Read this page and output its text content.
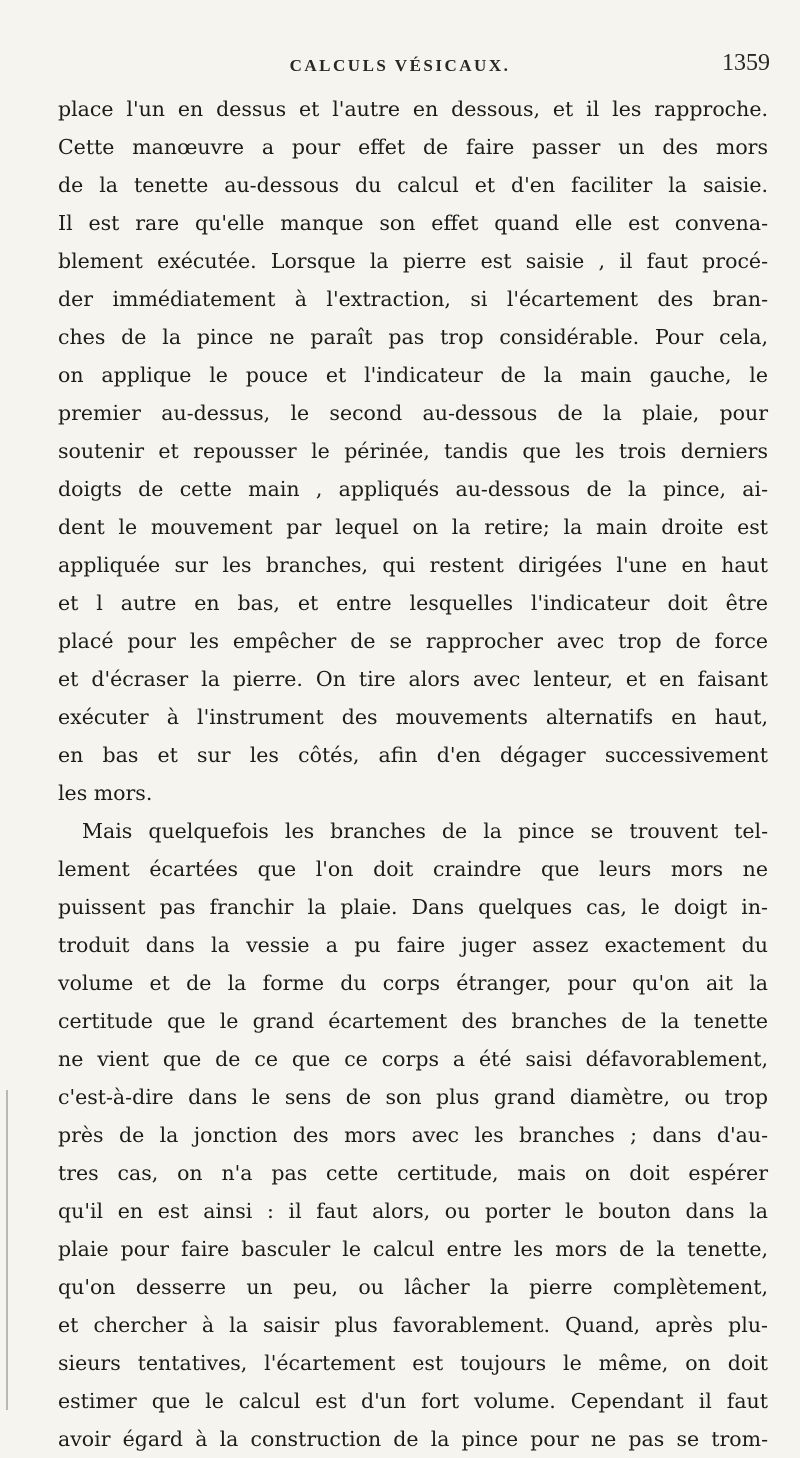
CALCULS VÉSICAUX.	1359
place l'un en dessus et l'autre en dessous, et il les rapproche.
Cette manœuvre a pour effet de faire passer un des mors
de la tenette au-dessous du calcul et d'en faciliter la saisie.
Il est rare qu'elle manque son effet quand elle est convena-
blement exécutée. Lorsque la pierre est saisie , il faut procé-
der immédiatement à l'extraction, si l'écartement des bran-
ches de la pince ne paraît pas trop considérable. Pour cela,
on applique le pouce et l'indicateur de la main gauche, le
premier au-dessus, le second au-dessous de la plaie, pour
soutenir et repousser le périnée, tandis que les trois derniers
doigts de cette main , appliqués au-dessous de la pince, ai-
dent le mouvement par lequel on la retire; la main droite est
appliquée sur les branches, qui restent dirigées l'une en haut
et l autre en bas, et entre lesquelles l'indicateur doit être
placé pour les empêcher de se rapprocher avec trop de force
et d'écraser la pierre. On tire alors avec lenteur, et en faisant
exécuter à l'instrument des mouvements alternatifs en haut,
en bas et sur les côtés, afin d'en dégager successivement
les mors.
Mais quelquefois les branches de la pince se trouvent tel-
lement écartées que l'on doit craindre que leurs mors ne
puissent pas franchir la plaie. Dans quelques cas, le doigt in-
troduit dans la vessie a pu faire juger assez exactement du
volume et de la forme du corps étranger, pour qu'on ait la
certitude que le grand écartement des branches de la tenette
ne vient que de ce que ce corps a été saisi défavorablement,
c'est-à-dire dans le sens de son plus grand diamètre, ou trop
près de la jonction des mors avec les branches ; dans d'au-
tres cas, on n'a pas cette certitude, mais on doit espérer
qu'il en est ainsi : il faut alors, ou porter le bouton dans la
plaie pour faire basculer le calcul entre les mors de la tenette,
qu'on desserre un peu, ou lâcher la pierre complètement,
et chercher à la saisir plus favorablement. Quand, après plu-
sieurs tentatives, l'écartement est toujours le même, on doit
estimer que le calcul est d'un fort volume. Cependant il faut
avoir égard à la construction de la pince pour ne pas se trom-
